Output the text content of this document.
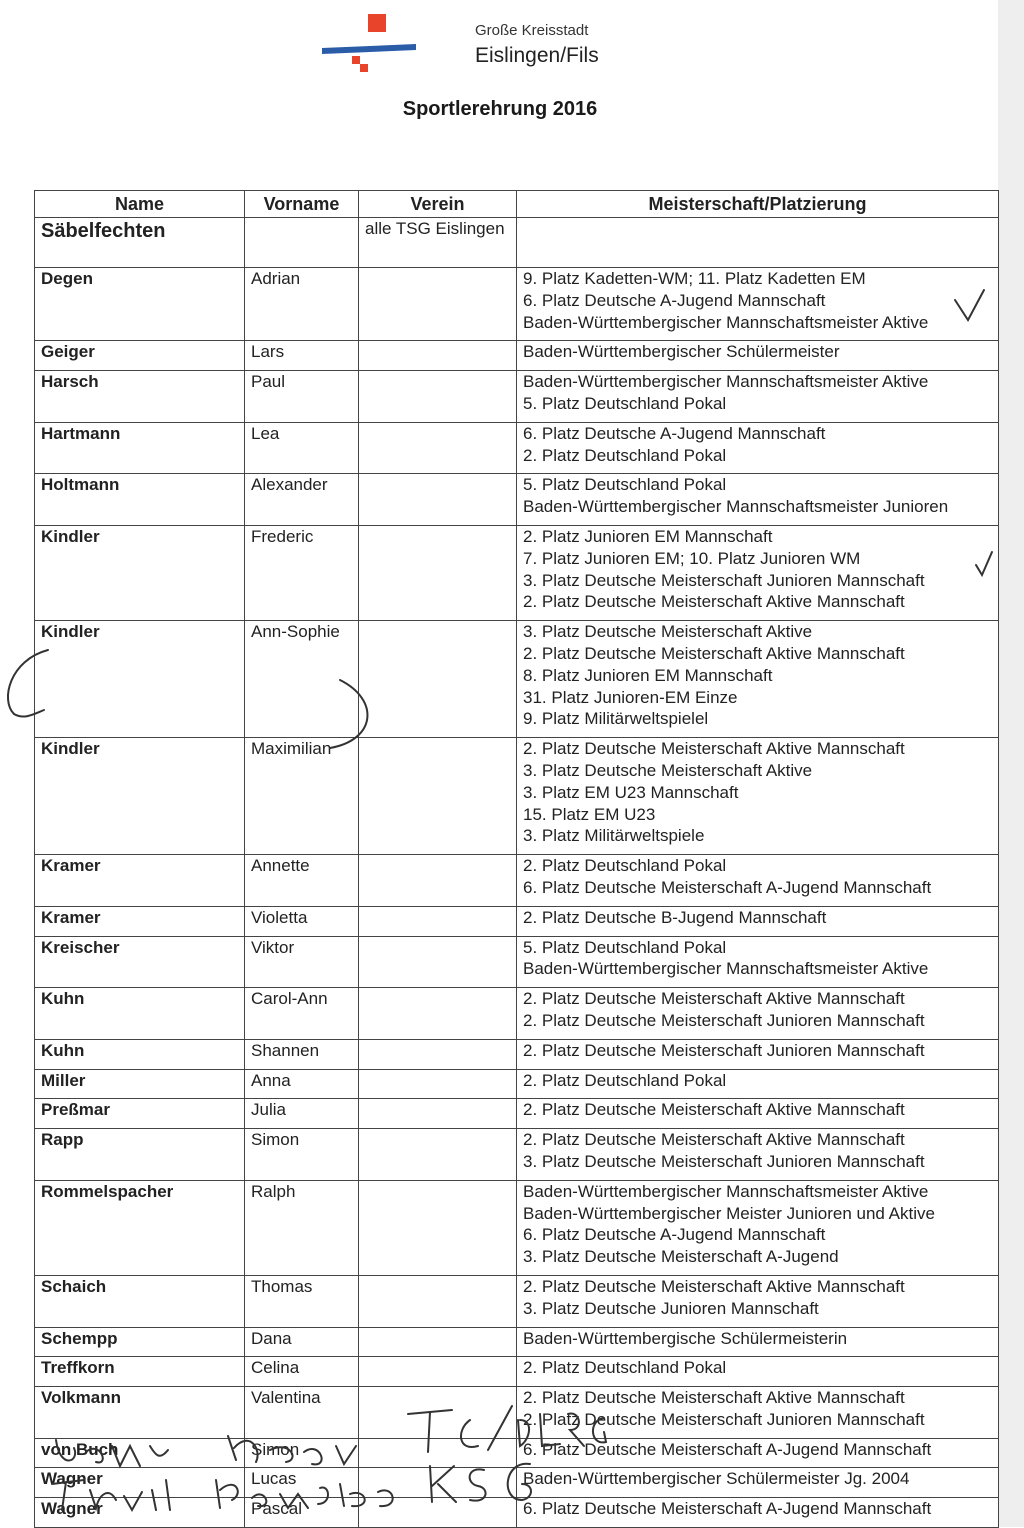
Große Kreisstadt
Eislingen/Fils
Sportlerehrung 2016
Name	Vorname	Verein	Meisterschaft/Platzierung
Säbelfechten		alle TSG Eislingen	
Degen	Adrian		9. Platz Kadetten-WM; 11. Platz Kadetten EM
6. Platz Deutsche A-Jugend Mannschaft
Baden-Württembergischer Mannschaftsmeister Aktive

Geiger	Lars		Baden-Württembergischer Schülermeister

Harsch	Paul		Baden-Württembergischer Mannschaftsmeister Aktive
5. Platz Deutschland Pokal

Hartmann	Lea		6. Platz Deutsche A-Jugend Mannschaft
2. Platz Deutschland Pokal

Holtmann	Alexander		5. Platz Deutschland Pokal
Baden-Württembergischer Mannschaftsmeister Junioren

Kindler	Frederic		2. Platz Junioren EM Mannschaft
7. Platz Junioren EM; 10. Platz Junioren WM
3. Platz Deutsche Meisterschaft Junioren Mannschaft
2. Platz Deutsche Meisterschaft Aktive Mannschaft

Kindler	Ann-Sophie		3. Platz Deutsche Meisterschaft Aktive
2. Platz Deutsche Meisterschaft Aktive Mannschaft
8. Platz Junioren EM Mannschaft
31. Platz Junioren-EM Einze
9. Platz Militärweltspielel

Kindler	Maximilian		2. Platz Deutsche Meisterschaft Aktive Mannschaft
3. Platz Deutsche Meisterschaft Aktive
3. Platz EM U23 Mannschaft
15. Platz EM U23
3. Platz Militärweltspiele

Kramer	Annette		2. Platz Deutschland Pokal
6. Platz Deutsche Meisterschaft A-Jugend Mannschaft

Kramer	Violetta		2. Platz Deutsche B-Jugend Mannschaft

Kreischer	Viktor		5. Platz Deutschland Pokal
Baden-Württembergischer Mannschaftsmeister Aktive

Kuhn	Carol-Ann		2. Platz Deutsche Meisterschaft Aktive Mannschaft
2. Platz Deutsche Meisterschaft Junioren Mannschaft

Kuhn	Shannen		2. Platz Deutsche Meisterschaft Junioren Mannschaft

Miller	Anna		2. Platz Deutschland Pokal

Preßmar	Julia		2. Platz Deutsche Meisterschaft Aktive Mannschaft

Rapp	Simon		2. Platz Deutsche Meisterschaft Aktive Mannschaft
3. Platz Deutsche Meisterschaft Junioren Mannschaft

Rommelspacher	Ralph		Baden-Württembergischer Mannschaftsmeister Aktive
Baden-Württembergischer Meister Junioren und Aktive
6. Platz Deutsche A-Jugend Mannschaft
3. Platz Deutsche Meisterschaft A-Jugend

Schaich	Thomas		2. Platz Deutsche Meisterschaft Aktive Mannschaft
3. Platz Deutsche Junioren Mannschaft

Schempp	Dana		Baden-Württembergische Schülermeisterin

Treffkorn	Celina		2. Platz Deutschland Pokal

Volkmann	Valentina		2. Platz Deutsche Meisterschaft Aktive Mannschaft
2. Platz Deutsche Meisterschaft Junioren Mannschaft

von Buch	Simon		6. Platz Deutsche Meisterschaft A-Jugend Mannschaft

Wagner	Lucas		Baden-Württembergischer Schülermeister Jg. 2004

Wagner	Pascal		6. Platz Deutsche Meisterschaft A-Jugend Mannschaft
